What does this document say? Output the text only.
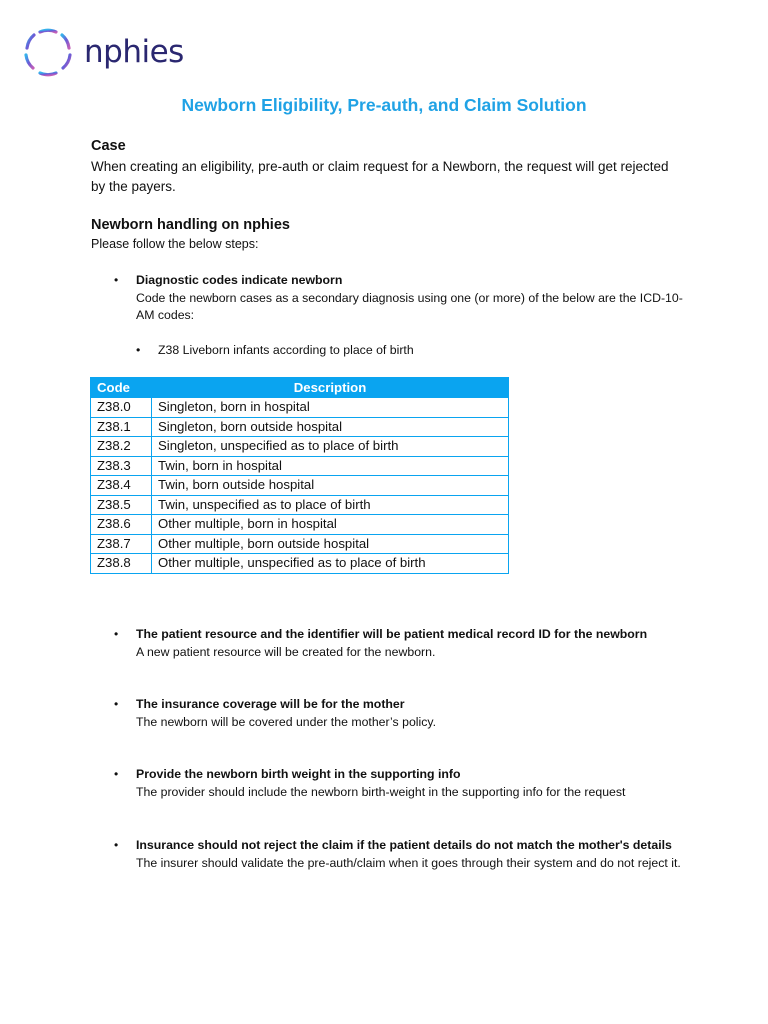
nphies
Newborn Eligibility, Pre-auth, and Claim Solution
Case
When creating an eligibility, pre-auth or claim request for a Newborn, the request will get rejected by the payers.
Newborn handling on nphies
Please follow the below steps:
• Diagnostic codes indicate newborn
Code the newborn cases as a secondary diagnosis using one (or more) of the below are the ICD-10-AM codes:
• Z38 Liveborn infants according to place of birth
Code	Description
Z38.0	Singleton, born in hospital
Z38.1	Singleton, born outside hospital
Z38.2	Singleton, unspecified as to place of birth
Z38.3	Twin, born in hospital
Z38.4	Twin, born outside hospital
Z38.5	Twin, unspecified as to place of birth
Z38.6	Other multiple, born in hospital
Z38.7	Other multiple, born outside hospital
Z38.8	Other multiple, unspecified as to place of birth
• The patient resource and the identifier will be patient medical record ID for the newborn
A new patient resource will be created for the newborn.
• The insurance coverage will be for the mother
The newborn will be covered under the mother’s policy.
• Provide the newborn birth weight in the supporting info
The provider should include the newborn birth-weight in the supporting info for the request
• Insurance should not reject the claim if the patient details do not match the mother's details
The insurer should validate the pre-auth/claim when it goes through their system and do not reject it.
